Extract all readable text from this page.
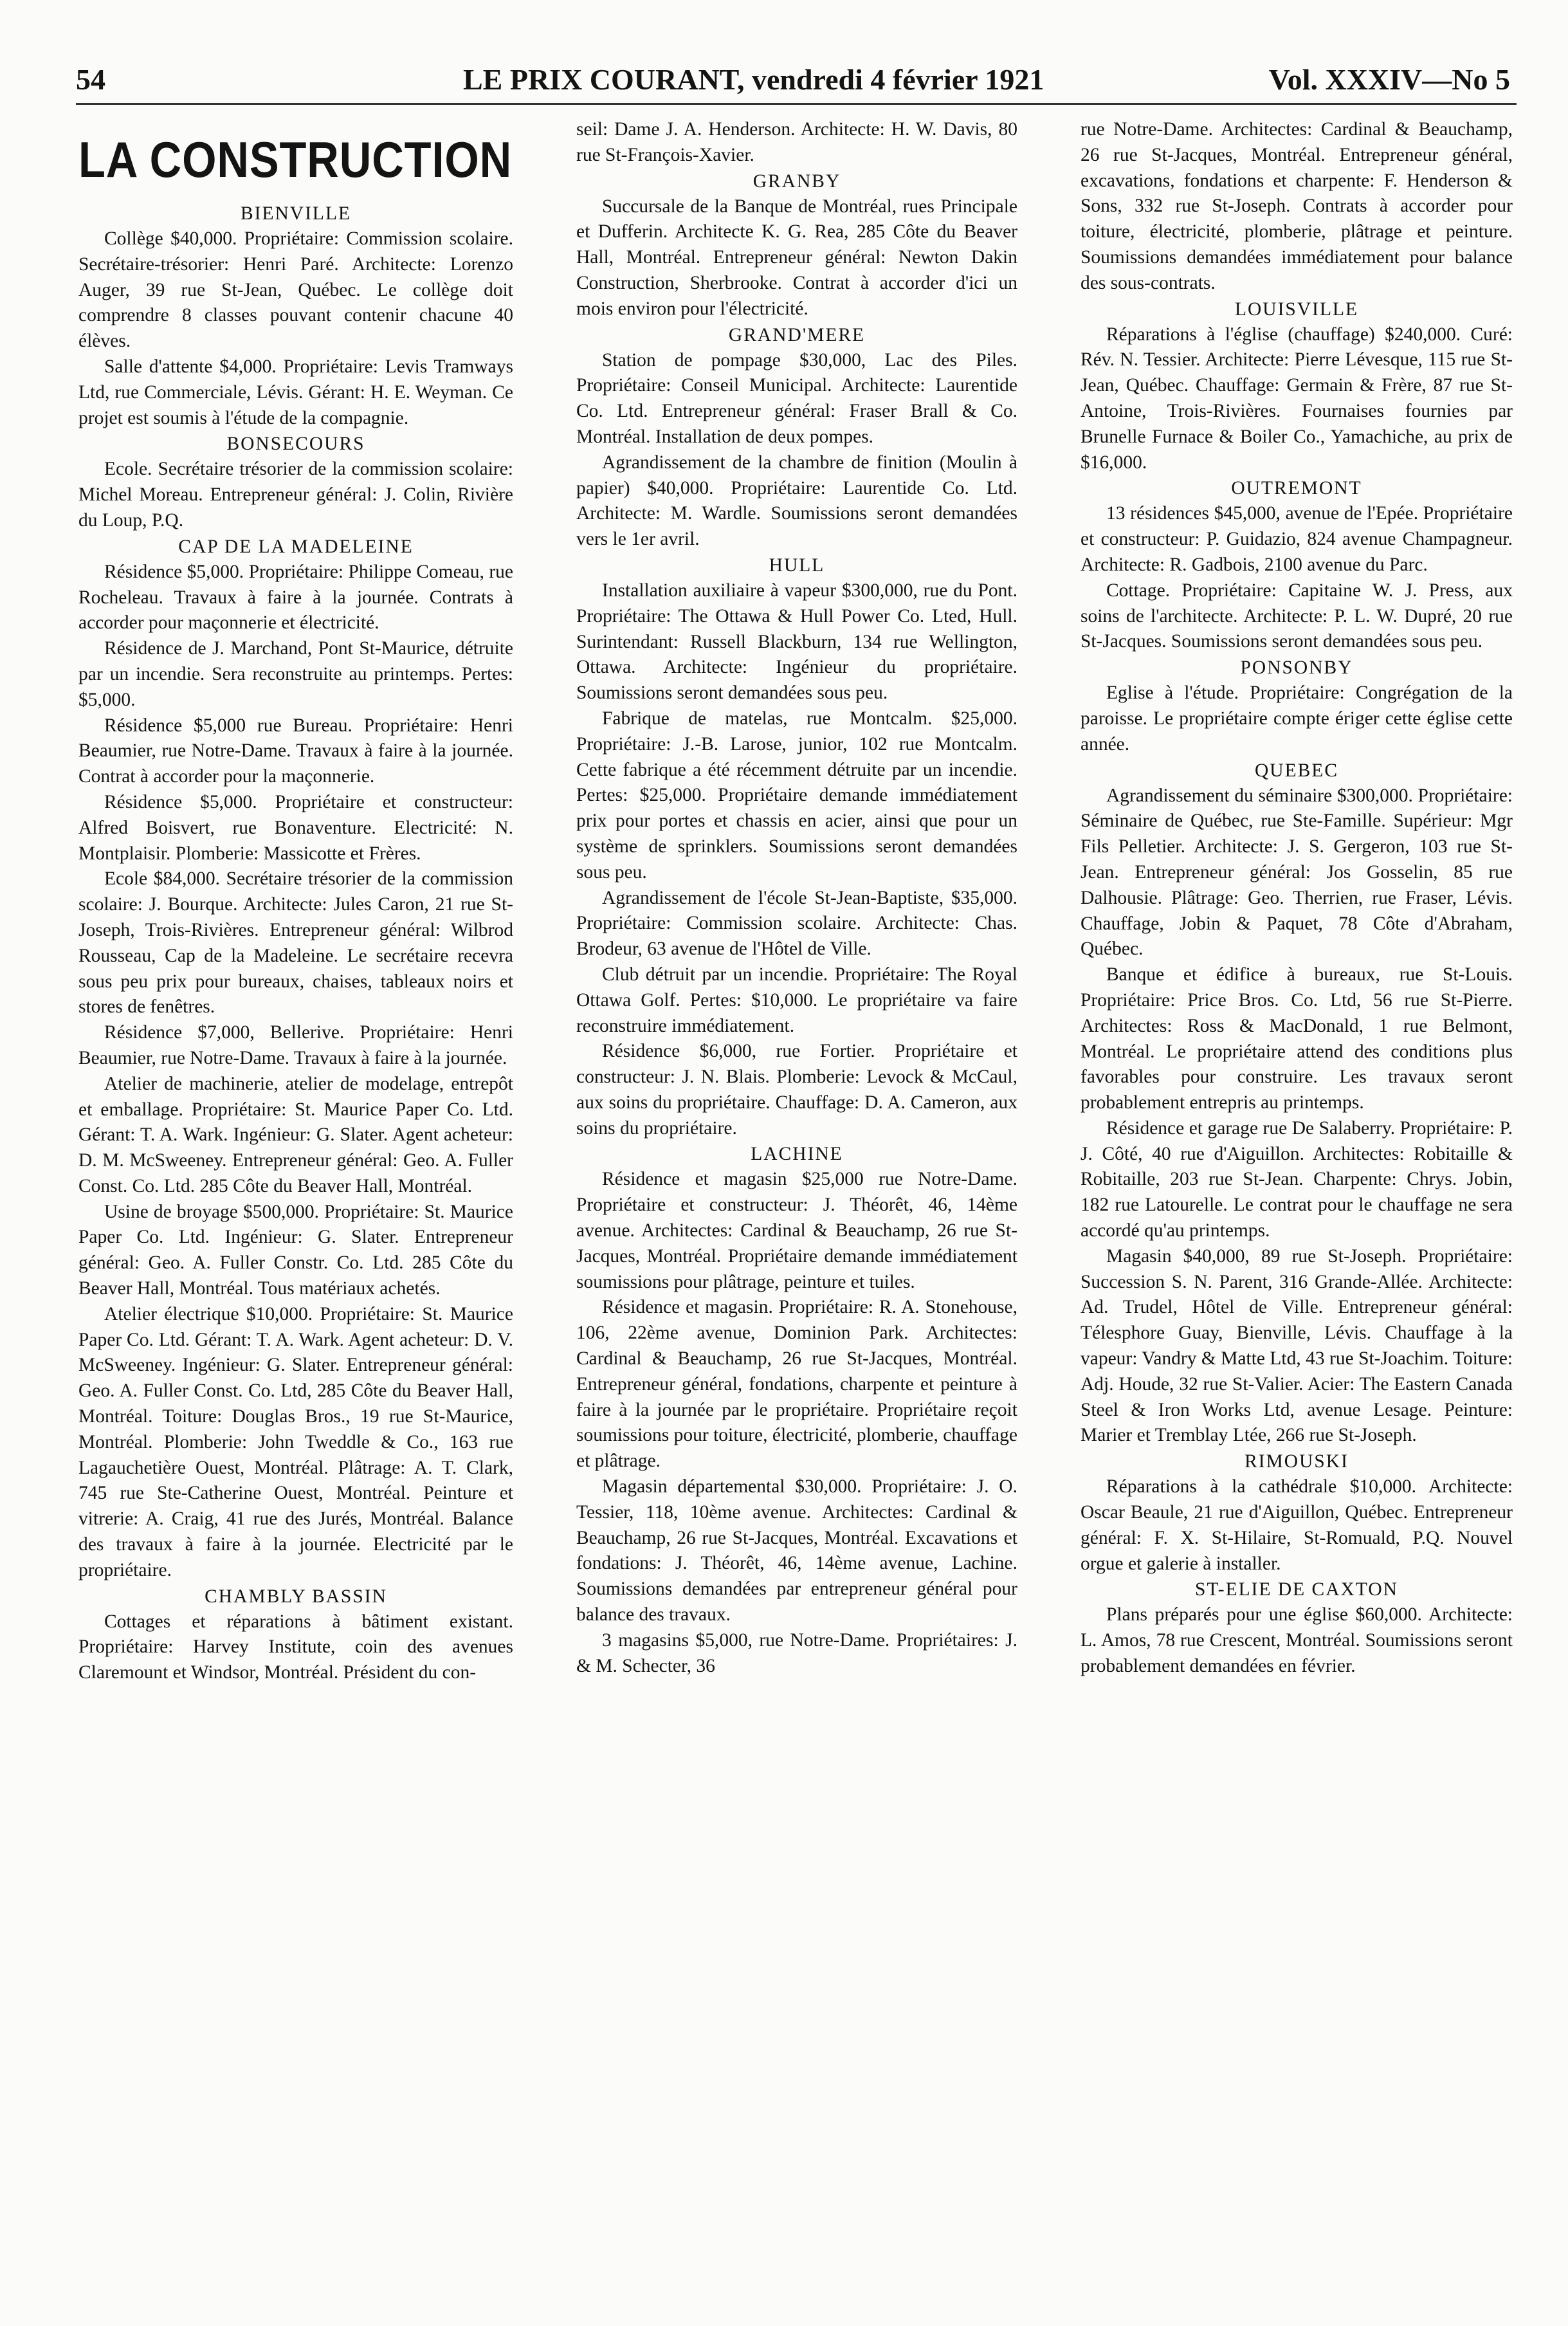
54	LE PRIX COURANT, vendredi 4 février 1921	Vol. XXXIV—No 5
LA CONSTRUCTION
BIENVILLE

Collège $40,000. Propriétaire: Commission scolaire. Secrétaire-trésorier: Henri Paré. Architecte: Lorenzo Auger, 39 rue St-Jean, Québec. Le collège doit comprendre 8 classes pouvant contenir chacune 40 élèves.

Salle d'attente $4,000. Propriétaire: Levis Tramways Ltd, rue Commerciale, Lévis. Gérant: H. E. Weyman. Ce projet est soumis à l'étude de la compagnie.

BONSECOURS

Ecole. Secrétaire trésorier de la commission scolaire: Michel Moreau. Entrepreneur général: J. Colin, Rivière du Loup, P.Q.

CAP DE LA MADELEINE

Résidence $5,000. Propriétaire: Philippe Comeau, rue Rocheleau. Travaux à faire à la journée. Contrats à accorder pour maçonnerie et électricité.

Résidence de J. Marchand, Pont St-Maurice, détruite par un incendie. Sera reconstruite au printemps. Pertes: $5,000.

Résidence $5,000 rue Bureau. Propriétaire: Henri Beaumier, rue Notre-Dame. Travaux à faire à la journée. Contrat à accorder pour la maçonnerie.

Résidence $5,000. Propriétaire et constructeur: Alfred Boisvert, rue Bonaventure. Electricité: N. Montplaisir. Plomberie: Massicotte et Frères.

Ecole $84,000. Secrétaire trésorier de la commission scolaire: J. Bourque. Architecte: Jules Caron, 21 rue St-Joseph, Trois-Rivières. Entrepreneur général: Wilbrod Rousseau, Cap de la Madeleine. Le secrétaire recevra sous peu prix pour bureaux, chaises, tableaux noirs et stores de fenêtres.

Résidence $7,000, Bellerive. Propriétaire: Henri Beaumier, rue Notre-Dame. Travaux à faire à la journée.

Atelier de machinerie, atelier de modelage, entrepôt et emballage. Propriétaire: St. Maurice Paper Co. Ltd. Gérant: T. A. Wark. Ingénieur: G. Slater. Agent acheteur: D. M. McSweeney. Entrepreneur général: Geo. A. Fuller Const. Co. Ltd. 285 Côte du Beaver Hall, Montréal.

Usine de broyage $500,000. Propriétaire: St. Maurice Paper Co. Ltd. Ingénieur: G. Slater. Entrepreneur général: Geo. A. Fuller Constr. Co. Ltd. 285 Côte du Beaver Hall, Montréal. Tous matériaux achetés.

Atelier électrique $10,000. Propriétaire: St. Maurice Paper Co. Ltd. Gérant: T. A. Wark. Agent acheteur: D. V. McSweeney. Ingénieur: G. Slater. Entrepreneur général: Geo. A. Fuller Const. Co. Ltd, 285 Côte du Beaver Hall, Montréal. Toiture: Douglas Bros., 19 rue St-Maurice, Montréal. Plomberie: John Tweddle & Co., 163 rue Lagauchetière Ouest, Montréal. Plâtrage: A. T. Clark, 745 rue Ste-Catherine Ouest, Montréal. Peinture et vitrerie: A. Craig, 41 rue des Jurés, Montréal. Balance des travaux à faire à la journée. Electricité par le propriétaire.

CHAMBLY BASSIN

Cottages et réparations à bâtiment existant. Propriétaire: Harvey Institute, coin des avenues Claremount et Windsor, Montréal. Président du con-

seil: Dame J. A. Henderson. Architecte: H. W. Davis, 80 rue St-François-Xavier.

GRANBY

Succursale de la Banque de Montréal, rues Principale et Dufferin. Architecte K. G. Rea, 285 Côte du Beaver Hall, Montréal. Entrepreneur général: Newton Dakin Construction, Sherbrooke. Contrat à accorder d'ici un mois environ pour l'électricité.

GRAND'MERE

Station de pompage $30,000, Lac des Piles. Propriétaire: Conseil Municipal. Architecte: Laurentide Co. Ltd. Entrepreneur général: Fraser Brall & Co. Montréal. Installation de deux pompes.

Agrandissement de la chambre de finition (Moulin à papier) $40,000. Propriétaire: Laurentide Co. Ltd. Architecte: M. Wardle. Soumissions seront demandées vers le 1er avril.

HULL

Installation auxiliaire à vapeur $300,000, rue du Pont. Propriétaire: The Ottawa & Hull Power Co. Lted, Hull. Surintendant: Russell Blackburn, 134 rue Wellington, Ottawa. Architecte: Ingénieur du propriétaire. Soumissions seront demandées sous peu.

Fabrique de matelas, rue Montcalm. $25,000. Propriétaire: J.-B. Larose, junior, 102 rue Montcalm. Cette fabrique a été récemment détruite par un incendie. Pertes: $25,000. Propriétaire demande immédiatement prix pour portes et chassis en acier, ainsi que pour un système de sprinklers. Soumissions seront demandées sous peu.

Agrandissement de l'école St-Jean-Baptiste, $35,000. Propriétaire: Commission scolaire. Architecte: Chas. Brodeur, 63 avenue de l'Hôtel de Ville.

Club détruit par un incendie. Propriétaire: The Royal Ottawa Golf. Pertes: $10,000. Le propriétaire va faire reconstruire immédiatement.

Résidence $6,000, rue Fortier. Propriétaire et constructeur: J. N. Blais. Plomberie: Levock & McCaul, aux soins du propriétaire. Chauffage: D. A. Cameron, aux soins du propriétaire.

LACHINE

Résidence et magasin $25,000 rue Notre-Dame. Propriétaire et constructeur: J. Théorêt, 46, 14ème avenue. Architectes: Cardinal & Beauchamp, 26 rue St-Jacques, Montréal. Propriétaire demande immédiatement soumissions pour plâtrage, peinture et tuiles.

Résidence et magasin. Propriétaire: R. A. Stonehouse, 106, 22ème avenue, Dominion Park. Architectes: Cardinal & Beauchamp, 26 rue St-Jacques, Montréal. Entrepreneur général, fondations, charpente et peinture à faire à la journée par le propriétaire. Propriétaire reçoit soumissions pour toiture, électricité, plomberie, chauffage et plâtrage.

Magasin départemental $30,000. Propriétaire: J. O. Tessier, 118, 10ème avenue. Architectes: Cardinal & Beauchamp, 26 rue St-Jacques, Montréal. Excavations et fondations: J. Théorêt, 46, 14ème avenue, Lachine. Soumissions demandées par entrepreneur général pour balance des travaux.

3 magasins $5,000, rue Notre-Dame. Propriétaires: J. & M. Schecter, 36

rue Notre-Dame. Architectes: Cardinal & Beauchamp, 26 rue St-Jacques, Montréal. Entrepreneur général, excavations, fondations et charpente: F. Henderson & Sons, 332 rue St-Joseph. Contrats à accorder pour toiture, électricité, plomberie, plâtrage et peinture. Soumissions demandées immédiatement pour balance des sous-contrats.

LOUISVILLE

Réparations à l'église (chauffage) $240,000. Curé: Rév. N. Tessier. Architecte: Pierre Lévesque, 115 rue St-Jean, Québec. Chauffage: Germain & Frère, 87 rue St-Antoine, Trois-Rivières. Fournaises fournies par Brunelle Furnace & Boiler Co., Yamachiche, au prix de $16,000.

OUTREMONT

13 résidences $45,000, avenue de l'Epée. Propriétaire et constructeur: P. Guidazio, 824 avenue Champagneur. Architecte: R. Gadbois, 2100 avenue du Parc.

Cottage. Propriétaire: Capitaine W. J. Press, aux soins de l'architecte. Architecte: P. L. W. Dupré, 20 rue St-Jacques. Soumissions seront demandées sous peu.

PONSONBY

Eglise à l'étude. Propriétaire: Congrégation de la paroisse. Le propriétaire compte ériger cette église cette année.

QUEBEC

Agrandissement du séminaire $300,000. Propriétaire: Séminaire de Québec, rue Ste-Famille. Supérieur: Mgr Fils Pelletier. Architecte: J. S. Gergeron, 103 rue St-Jean. Entrepreneur général: Jos Gosselin, 85 rue Dalhousie. Plâtrage: Geo. Therrien, rue Fraser, Lévis. Chauffage, Jobin & Paquet, 78 Côte d'Abraham, Québec.

Banque et édifice à bureaux, rue St-Louis. Propriétaire: Price Bros. Co. Ltd, 56 rue St-Pierre. Architectes: Ross & MacDonald, 1 rue Belmont, Montréal. Le propriétaire attend des conditions plus favorables pour construire. Les travaux seront probablement entrepris au printemps.

Résidence et garage rue De Salaberry. Propriétaire: P. J. Côté, 40 rue d'Aiguillon. Architectes: Robitaille & Robitaille, 203 rue St-Jean. Charpente: Chrys. Jobin, 182 rue Latourelle. Le contrat pour le chauffage ne sera accordé qu'au printemps.

Magasin $40,000, 89 rue St-Joseph. Propriétaire: Succession S. N. Parent, 316 Grande-Allée. Architecte: Ad. Trudel, Hôtel de Ville. Entrepreneur général: Télesphore Guay, Bienville, Lévis. Chauffage à la vapeur: Vandry & Matte Ltd, 43 rue St-Joachim. Toiture: Adj. Houde, 32 rue St-Valier. Acier: The Eastern Canada Steel & Iron Works Ltd, avenue Lesage. Peinture: Marier et Tremblay Ltée, 266 rue St-Joseph.

RIMOUSKI

Réparations à la cathédrale $10,000. Architecte: Oscar Beaule, 21 rue d'Aiguillon, Québec. Entrepreneur général: F. X. St-Hilaire, St-Romuald, P.Q. Nouvel orgue et galerie à installer.

ST-ELIE DE CAXTON

Plans préparés pour une église $60,000. Architecte: L. Amos, 78 rue Crescent, Montréal. Soumissions seront probablement demandées en février.
